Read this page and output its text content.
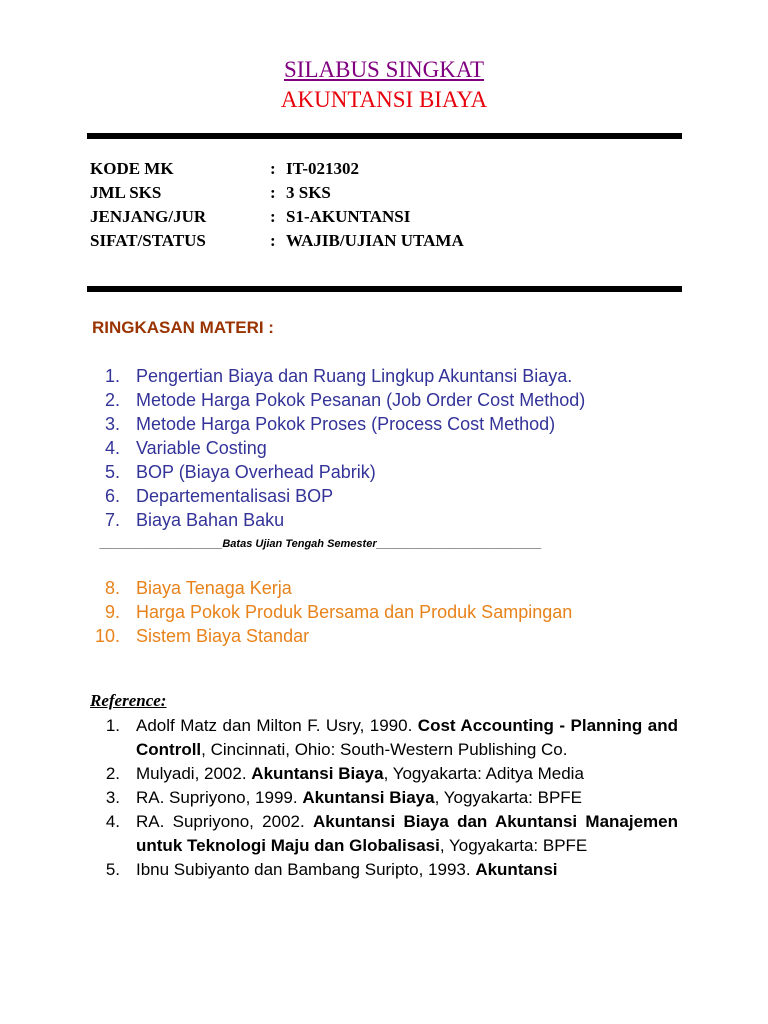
SILABUS SINGKAT
AKUNTANSI BIAYA
KODE MK	: IT-021302
JML SKS	: 3 SKS
JENJANG/JUR	: S1-AKUNTANSI
SIFAT/STATUS	: WAJIB/UJIAN UTAMA
RINGKASAN MATERI :
1. Pengertian Biaya dan Ruang Lingkup Akuntansi Biaya.
2. Metode Harga Pokok Pesanan (Job Order Cost Method)
3. Metode Harga Pokok Proses (Process Cost Method)
4. Variable Costing
5. BOP (Biaya Overhead Pabrik)
6. Departementalisasi BOP
7. Biaya Bahan Baku
____________________Batas Ujian Tengah Semester___________________________
8. Biaya Tenaga Kerja
9. Harga Pokok Produk Bersama dan Produk Sampingan
10. Sistem Biaya Standar
Reference:
1. Adolf Matz dan Milton F. Usry, 1990. Cost Accounting - Planning and Controll, Cincinnati, Ohio: South-Western Publishing Co.
2. Mulyadi, 2002. Akuntansi Biaya, Yogyakarta: Aditya Media
3. RA. Supriyono, 1999. Akuntansi Biaya, Yogyakarta: BPFE
4. RA. Supriyono, 2002. Akuntansi Biaya dan Akuntansi Manajemen untuk Teknologi Maju dan Globalisasi, Yogyakarta: BPFE
5. Ibnu Subiyanto dan Bambang Suripto, 1993. Akuntansi
